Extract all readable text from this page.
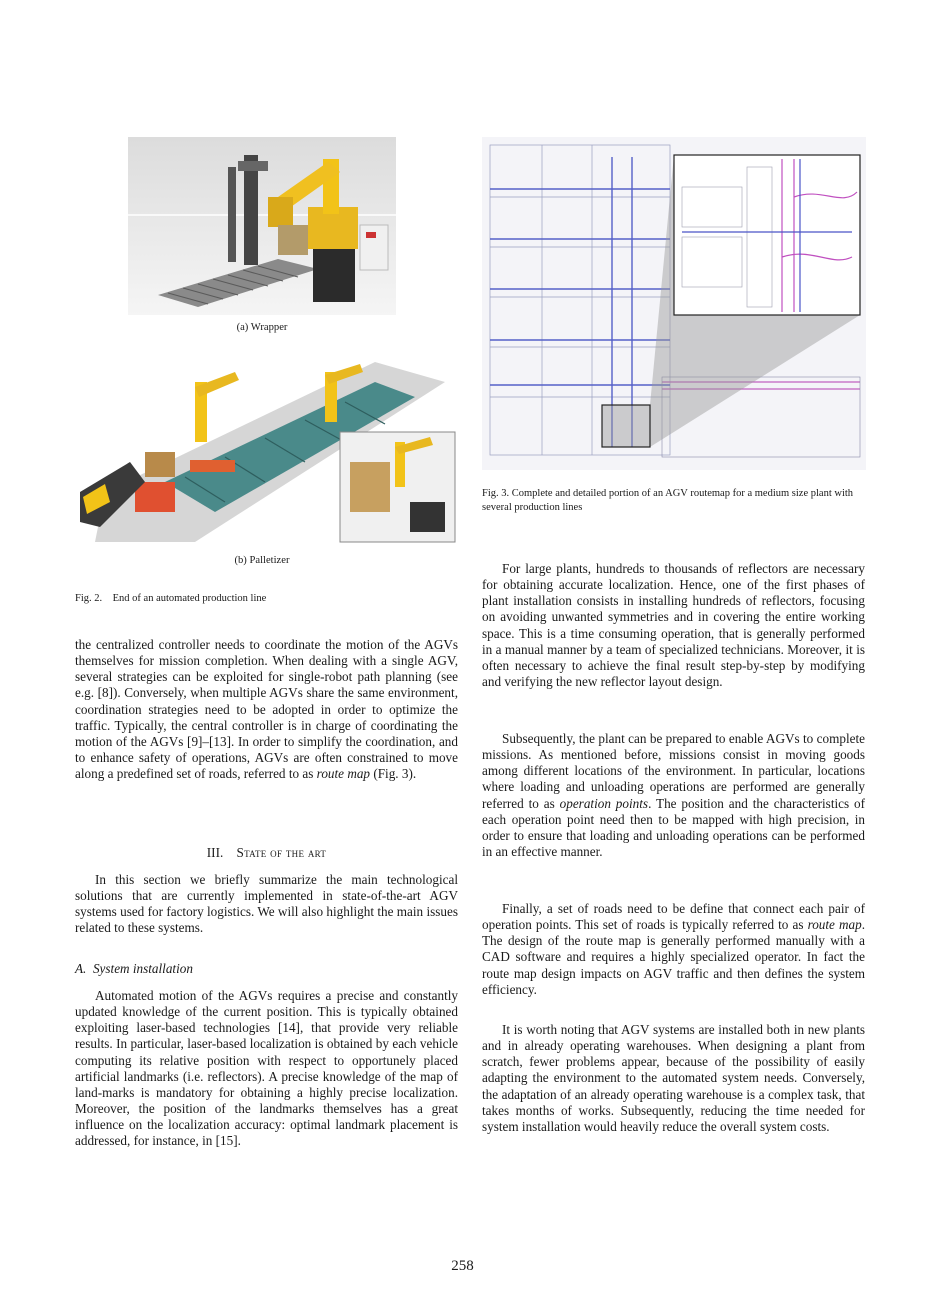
(a) Wrapper
(b) Palletizer
Fig. 2.    End of an automated production line
Fig. 3. Complete and detailed portion of an AGV routemap for a medium size plant with several production lines
the centralized controller needs to coordinate the motion of the AGVs themselves for mission completion. When dealing with a single AGV, several strategies can be exploited for single-robot path planning (see e.g. [8]). Conversely, when multiple AGVs share the same environment, coordination strategies need to be adopted in order to optimize the traffic. Typically, the central controller is in charge of coordinating the motion of the AGVs [9]–[13]. In order to simplify the coordination, and to enhance safety of operations, AGVs are often constrained to move along a predefined set of roads, referred to as route map (Fig. 3).
III. State of the art
In this section we briefly summarize the main technological solutions that are currently implemented in state-of-the-art AGV systems used for factory logistics. We will also highlight the main issues related to these systems.
A.  System installation
Automated motion of the AGVs requires a precise and constantly updated knowledge of the current position. This is typically obtained exploiting laser-based technologies [14], that provide very reliable results. In particular, laser-based localization is obtained by each vehicle computing its relative position with respect to opportunely placed artificial landmarks (i.e. reflectors). A precise knowledge of the map of land-marks is mandatory for obtaining a highly precise localization. Moreover, the position of the landmarks themselves has a great influence on the localization accuracy: optimal landmark placement is addressed, for instance, in [15].
For large plants, hundreds to thousands of reflectors are necessary for obtaining accurate localization. Hence, one of the first phases of plant installation consists in installing hundreds of reflectors, focusing on avoiding unwanted symmetries and in covering the entire working space. This is a time consuming operation, that is generally performed in a manual manner by a team of specialized technicians. Moreover, it is often necessary to achieve the final result step-by-step by modifying and verifying the new reflector layout design.
Subsequently, the plant can be prepared to enable AGVs to complete missions. As mentioned before, missions consist in moving goods among different locations of the environment. In particular, locations where loading and unloading operations are performed are generally referred to as operation points. The position and the characteristics of each operation point need then to be mapped with high precision, in order to ensure that loading and unloading operations can be performed in an effective manner.
Finally, a set of roads need to be define that connect each pair of operation points. This set of roads is typically referred to as route map. The design of the route map is generally performed manually with a CAD software and requires a highly specialized operator. In fact the route map design impacts on AGV traffic and then defines the system efficiency.
It is worth noting that AGV systems are installed both in new plants and in already operating warehouses. When designing a plant from scratch, fewer problems appear, because of the possibility of easily adapting the environment to the automated system needs. Conversely, the adaptation of an already operating warehouse is a complex task, that takes months of works. Subsequently, reducing the time needed for system installation would heavily reduce the overall system costs.
258
